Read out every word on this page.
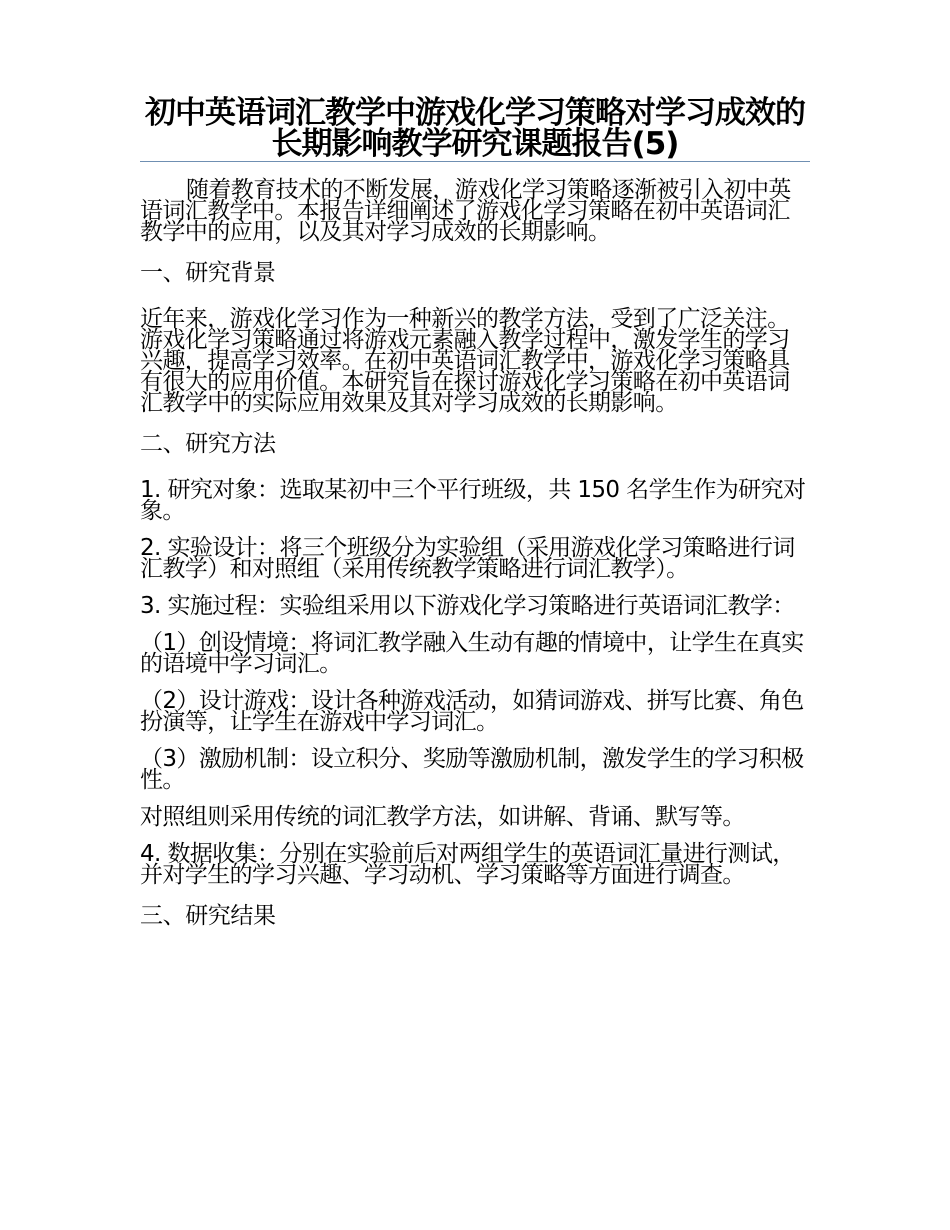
初中英语词汇教学中游戏化学习策略对学习成效的长期影响教学研究课题报告(5)

随着教育技术的不断发展，游戏化学习策略逐渐被引入初中英语词汇教学中。本报告详细阐述了游戏化学习策略在初中英语词汇教学中的应用，以及其对学习成效的长期影响。

一、研究背景

近年来，游戏化学习作为一种新兴的教学方法，受到了广泛关注。游戏化学习策略通过将游戏元素融入教学过程中，激发学生的学习兴趣，提高学习效率。在初中英语词汇教学中，游戏化学习策略具有很大的应用价值。本研究旨在探讨游戏化学习策略在初中英语词汇教学中的实际应用效果及其对学习成效的长期影响。

二、研究方法

1. 研究对象：选取某初中三个平行班级，共 150 名学生作为研究对象。

2. 实验设计：将三个班级分为实验组（采用游戏化学习策略进行词汇教学）和对照组（采用传统教学策略进行词汇教学）。

3. 实施过程：实验组采用以下游戏化学习策略进行英语词汇教学：

（1）创设情境：将词汇教学融入生动有趣的情境中，让学生在真实的语境中学习词汇。

（2）设计游戏：设计各种游戏活动，如猜词游戏、拼写比赛、角色扮演等，让学生在游戏中学习词汇。

（3）激励机制：设立积分、奖励等激励机制，激发学生的学习积极性。

对照组则采用传统的词汇教学方法，如讲解、背诵、默写等。

4. 数据收集：分别在实验前后对两组学生的英语词汇量进行测试，并对学生的学习兴趣、学习动机、学习策略等方面进行调查。

三、研究结果
